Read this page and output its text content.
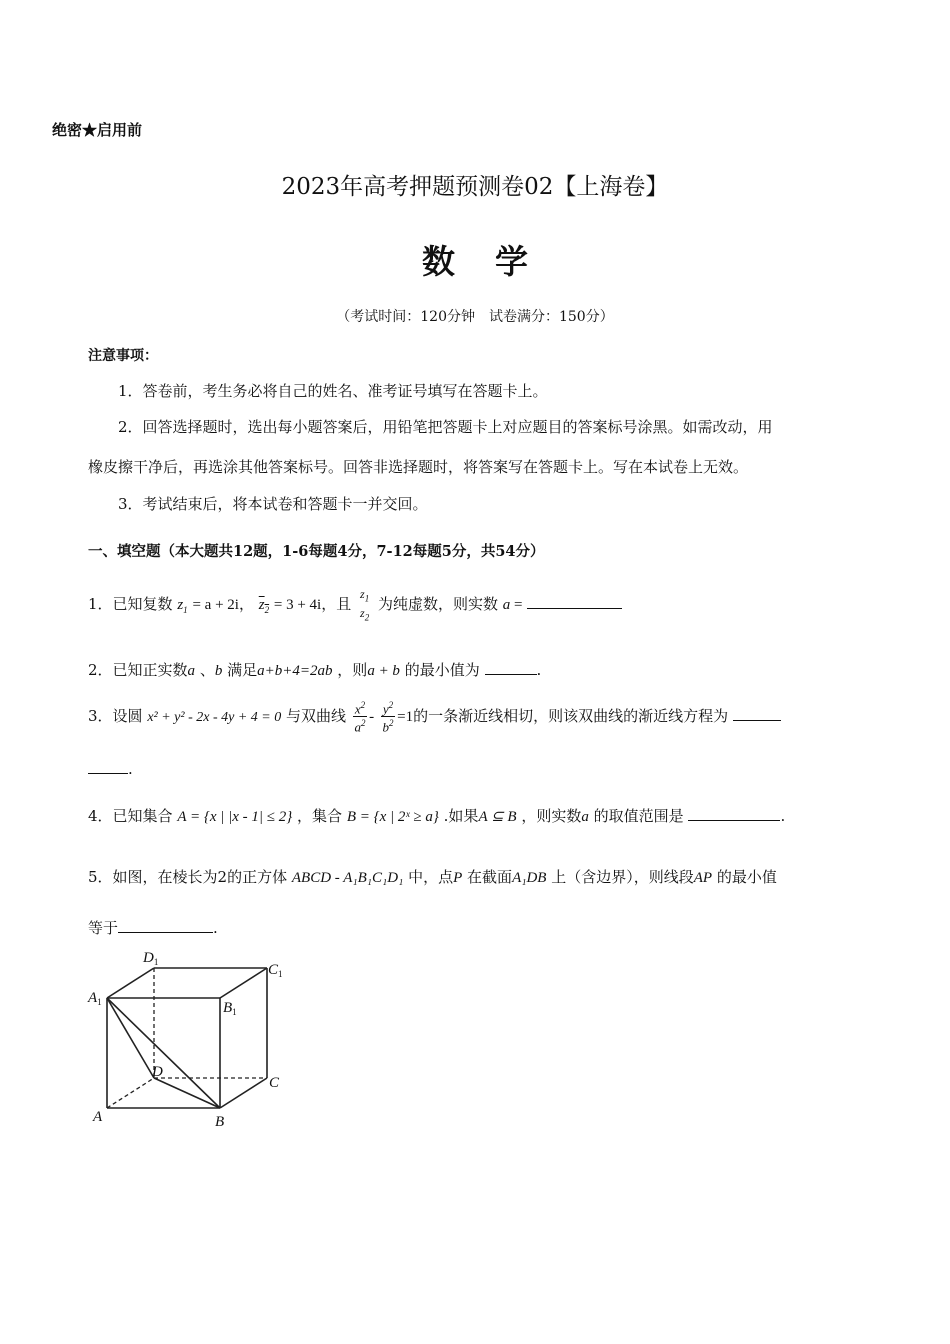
绝密★启用前
2023年高考押题预测卷02【上海卷】
数学
（考试时间：120分钟　试卷满分：150分）
注意事项：
1．答卷前，考生务必将自己的姓名、准考证号填写在答题卡上。
2．回答选择题时，选出每小题答案后，用铅笔把答题卡上对应题目的答案标号涂黑。如需改动，用
橡皮擦干净后，再选涂其他答案标号。回答非选择题时，将答案写在答题卡上。写在本试卷上无效。
3．考试结束后，将本试卷和答题卡一并交回。
一、填空题（本大题共12题，1-6每题4分，7-12每题5分，共54分）
1．已知复数 $z_1 = a + 2i$， $z_2 = 3 + 4i$，且
$z_1$
$z_2$
为纯虚数，则实数 a =
2．已知正实数a 、b 满足a+b+4=2ab ，则a + b 的最小值为	.
3．设圆 x² + y² - 2x - 4y + 4 = 0 与双曲线 $\frac{x^2}{a^2} - \frac{y^2}{b^2} =1$的一条渐近线相切，则该双曲线的渐近线方程为
.
4．已知集合 A = {x | |x - 1| ≤ 2} ，集合 B = {x | 2ˣ ≥ a} .如果A ⊆ B ，则实数a 的取值范围是	.
5．如图，在棱长为2的正方体 ABCD - A₁B₁C₁D₁ 中，点P 在截面A₁DB 上（含边界），则线段AP 的最小值
等于	.
$D_1$	$C_1$
$A_1$	$B_1$
D
C
A	B
